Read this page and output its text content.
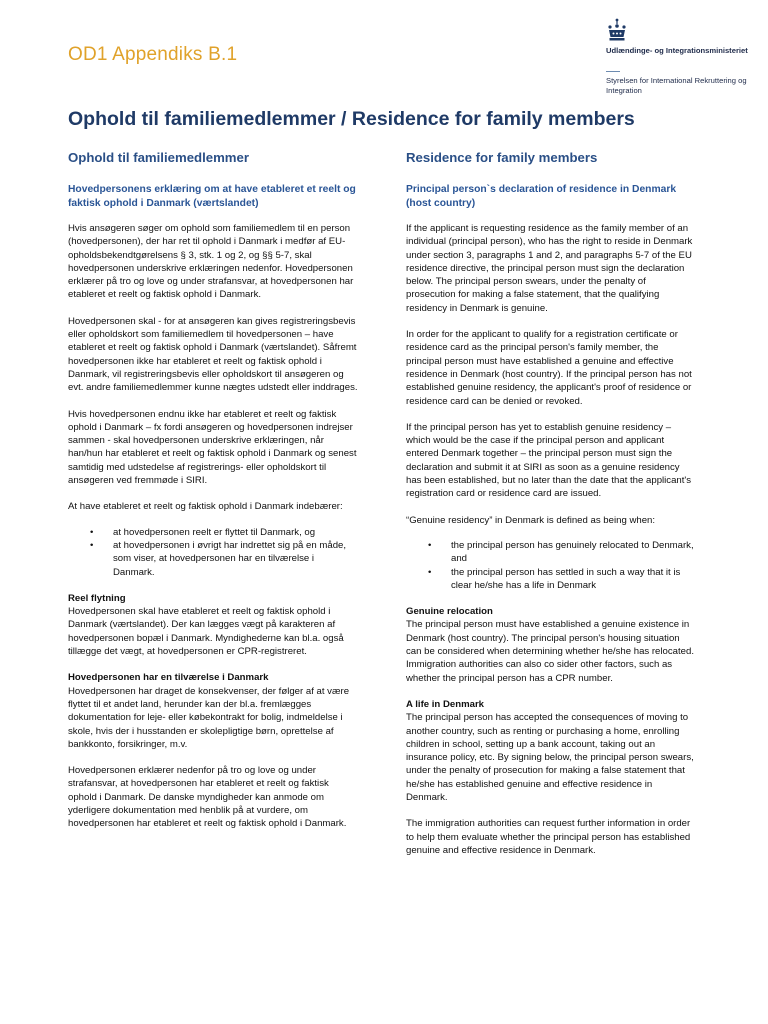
OD1 Appendiks B.1	Udlændinge- og Integrationsministeriet
Styrelsen for International Rekruttering og Integration
Ophold til familiemedlemmer / Residence for family members
Ophold til familiemedlemmer
Hovedpersonens erklæring om at have etableret et reelt og faktisk ophold i Danmark (værtslandet)

Hvis ansøgeren søger om ophold som familiemedlem til en person (hovedpersonen), der har ret til ophold i Danmark i medfør af EU-opholdsbekendtgørelsens § 3, stk. 1 og 2, og §§ 5-7, skal hovedpersonen underskrive erklæringen nedenfor. Hovedpersonen erklærer på tro og love og under strafansvar, at hovedpersonen har etableret et reelt og faktisk ophold i Danmark.

Hovedpersonen skal - for at ansøgeren kan gives registreringsbevis eller opholdskort som familiemedlem til hovedpersonen – have etableret et reelt og faktisk ophold i Danmark (værtslandet). Såfremt hovedpersonen ikke har etableret et reelt og faktisk ophold i Danmark, vil registreringsbevis eller opholdskort til ansøgeren og evt. andre familiemedlemmer kunne nægtes udstedt eller inddrages.

Hvis hovedpersonen endnu ikke har etableret et reelt og faktisk ophold i Danmark – fx fordi ansøgeren og hovedpersonen indrejser sammen - skal hovedpersonen underskrive erklæringen, når han/hun har etableret et reelt og faktisk ophold i Danmark og senest samtidig med udstedelse af registrerings- eller opholdskort til ansøgeren ved fremmøde i SIRI.

At have etableret et reelt og faktisk ophold i Danmark indebærer:

• at hovedpersonen reelt er flyttet til Danmark, og
• at hovedpersonen i øvrigt har indrettet sig på en måde, som viser, at hovedpersonen har en tilværelse i Danmark.

Reel flytning
Hovedpersonen skal have etableret et reelt og faktisk ophold i Danmark (værtslandet). Der kan lægges vægt på karakteren af hovedpersonen bopæl i Danmark. Myndighederne kan bl.a. også tillægge det vægt, at hovedpersonen er CPR-registreret.

Hovedpersonen har en tilværelse i Danmark
Hovedpersonen har draget de konsekvenser, der følger af at være flyttet til et andet land, herunder kan der bl.a. fremlægges dokumentation for leje- eller købekontrakt for bolig, indmeldelse i skole, hvis der i husstanden er skolepligtige børn, oprettelse af bankkonto, forsikringer, m.v.

Hovedpersonen erklærer nedenfor på tro og love og under strafansvar, at hovedpersonen har etableret et reelt og faktisk ophold i Danmark. De danske myndigheder kan anmode om yderligere dokumentation med henblik på at vurdere, om hovedpersonen har etableret et reelt og faktisk ophold i Danmark.

Residence for family members
Principal person`s declaration of residence in Denmark (host country)

If the applicant is requesting residence as the family member of an individual (principal person), who has the right to reside in Denmark under section 3, paragraphs 1 and 2, and paragraphs 5-7 of the EU residence directive, the principal person must sign the declaration below. The principal person swears, under the penalty of prosecution for making a false statement, that the qualifying residency in Denmark is genuine.

In order for the applicant to qualify for a registration certificate or residence card as the principal person's family member, the principal person must have established a genuine and effective residence in Denmark (host country). If the principal person has not established genuine residency, the applicant's proof of residence or residence card can be denied or revoked.

If the principal person has yet to establish genuine residency – which would be the case if the principal person and applicant entered Denmark together – the principal person must sign the declaration and submit it at SIRI as soon as a genuine residency has been established, but no later than the date that the applicant's registration card or residence card are issued.

“Genuine residency” in Denmark is defined as being when:

• the principal person has genuinely relocated to Denmark, and
• the principal person has settled in such a way that it is clear he/she has a life in Denmark

Genuine relocation
The principal person must have established a genuine existence in Denmark (host country). The principal person's housing situation can be considered when determining whether he/she has relocated. Immigration authorities can also co sider other factors, such as whether the principal person has a CPR number.

A life in Denmark
The principal person has accepted the consequences of moving to another country, such as renting or purchasing a home, enrolling children in school, setting up a bank account, taking out an insurance policy, etc. By signing below, the principal person swears, under the penalty of prosecution for making a false statement that he/she has established genuine and effective residence in Denmark.

The immigration authorities can request further information in order to help them evaluate whether the principal person has established genuine and effective residence in Denmark.
